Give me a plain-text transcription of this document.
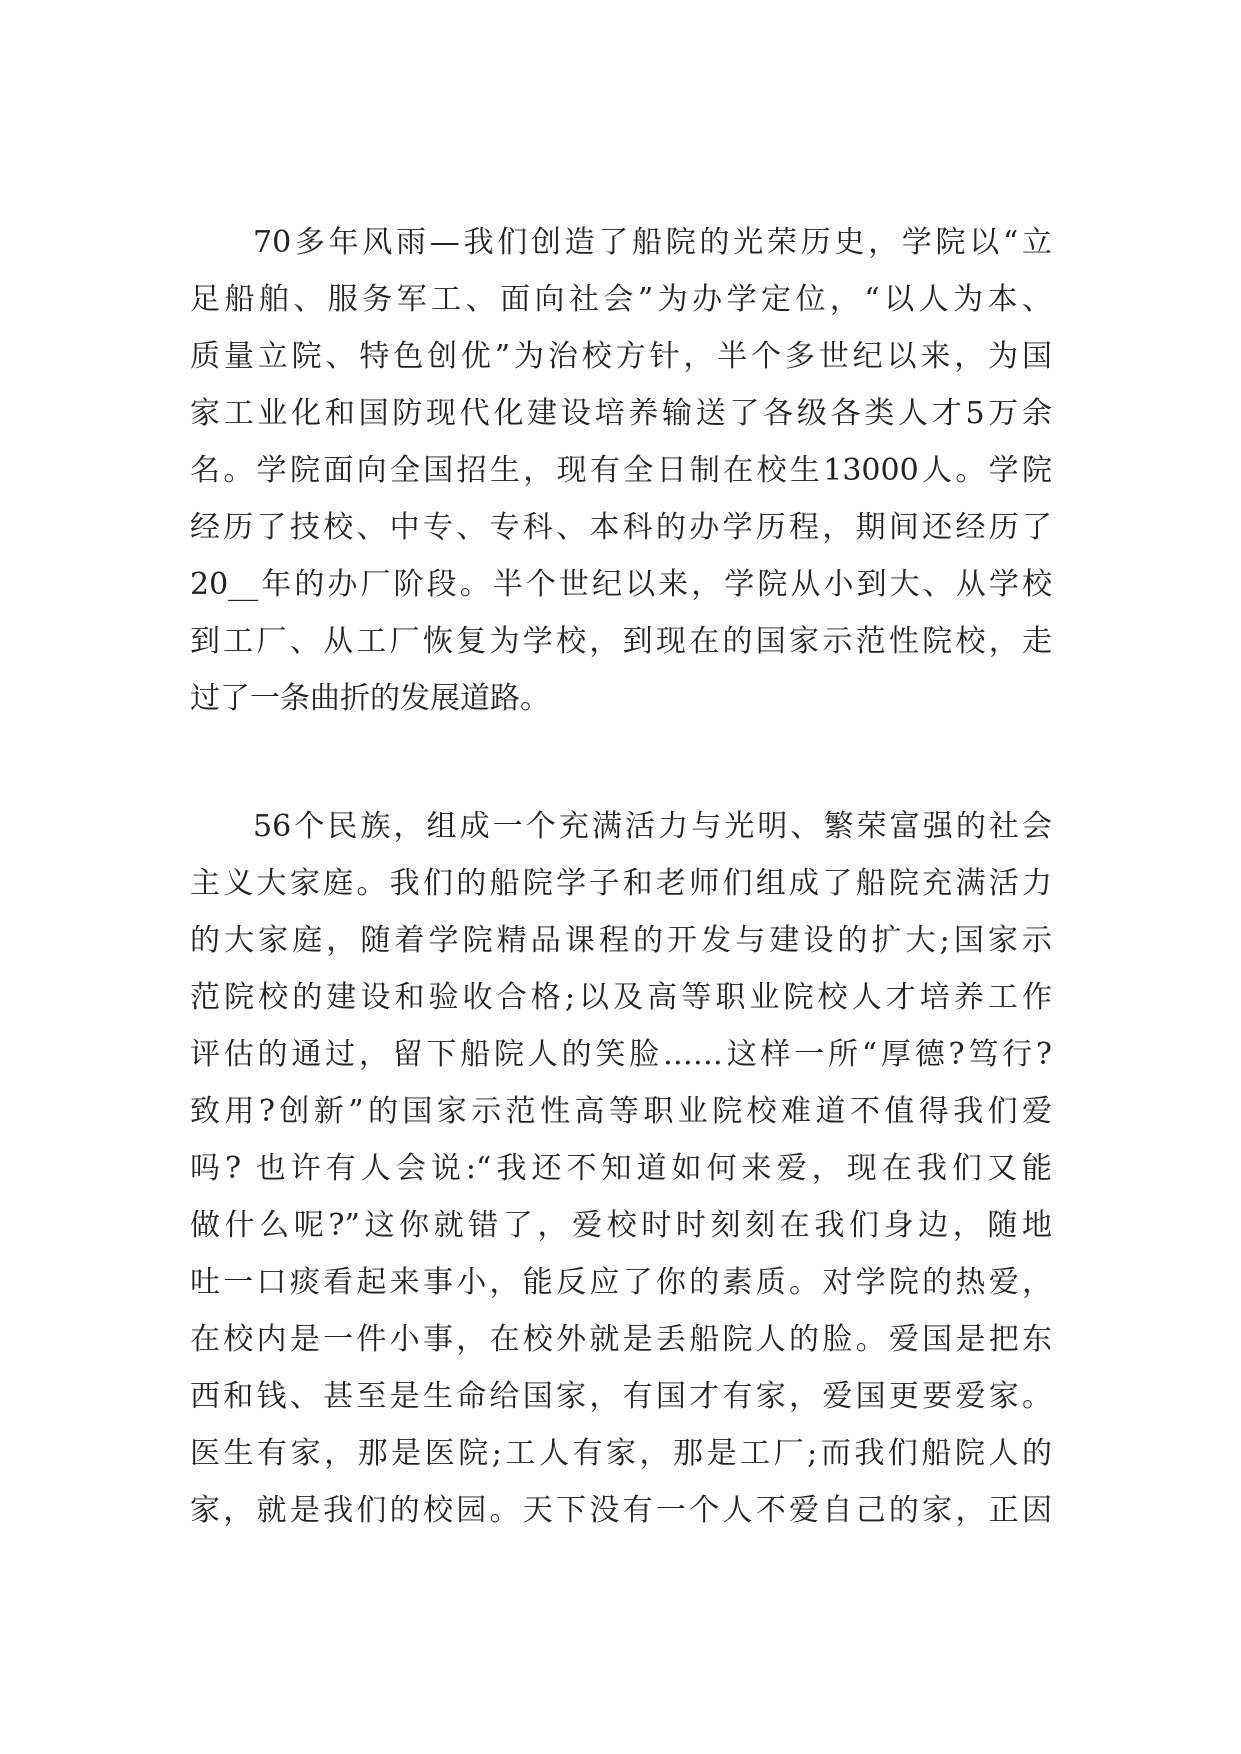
70多年风雨—我们创造了船院的光荣历史，学院以“立
足船舶、服务军工、面向社会”为办学定位，“以人为本、
质量立院、特色创优”为治校方针，半个多世纪以来，为国
家工业化和国防现代化建设培养输送了各级各类人才5万余
名。学院面向全国招生，现有全日制在校生13000人。学院
经历了技校、中专、专科、本科的办学历程，期间还经历了
20__年的办厂阶段。半个世纪以来，学院从小到大、从学校
到工厂、从工厂恢复为学校，到现在的国家示范性院校，走
过了一条曲折的发展道路。
56个民族，组成一个充满活力与光明、繁荣富强的社会
主义大家庭。我们的船院学子和老师们组成了船院充满活力
的大家庭，随着学院精品课程的开发与建设的扩大;国家示
范院校的建设和验收合格;以及高等职业院校人才培养工作
评估的通过，留下船院人的笑脸……这样一所“厚德?笃行?
致用?创新”的国家示范性高等职业院校难道不值得我们爱
吗? 也许有人会说:“我还不知道如何来爱，现在我们又能
做什么呢?”这你就错了，爱校时时刻刻在我们身边，随地
吐一口痰看起来事小，能反应了你的素质。对学院的热爱，
在校内是一件小事，在校外就是丢船院人的脸。爱国是把东
西和钱、甚至是生命给国家，有国才有家，爱国更要爱家。
医生有家，那是医院;工人有家，那是工厂;而我们船院人的
家，就是我们的校园。天下没有一个人不爱自己的家，正因
